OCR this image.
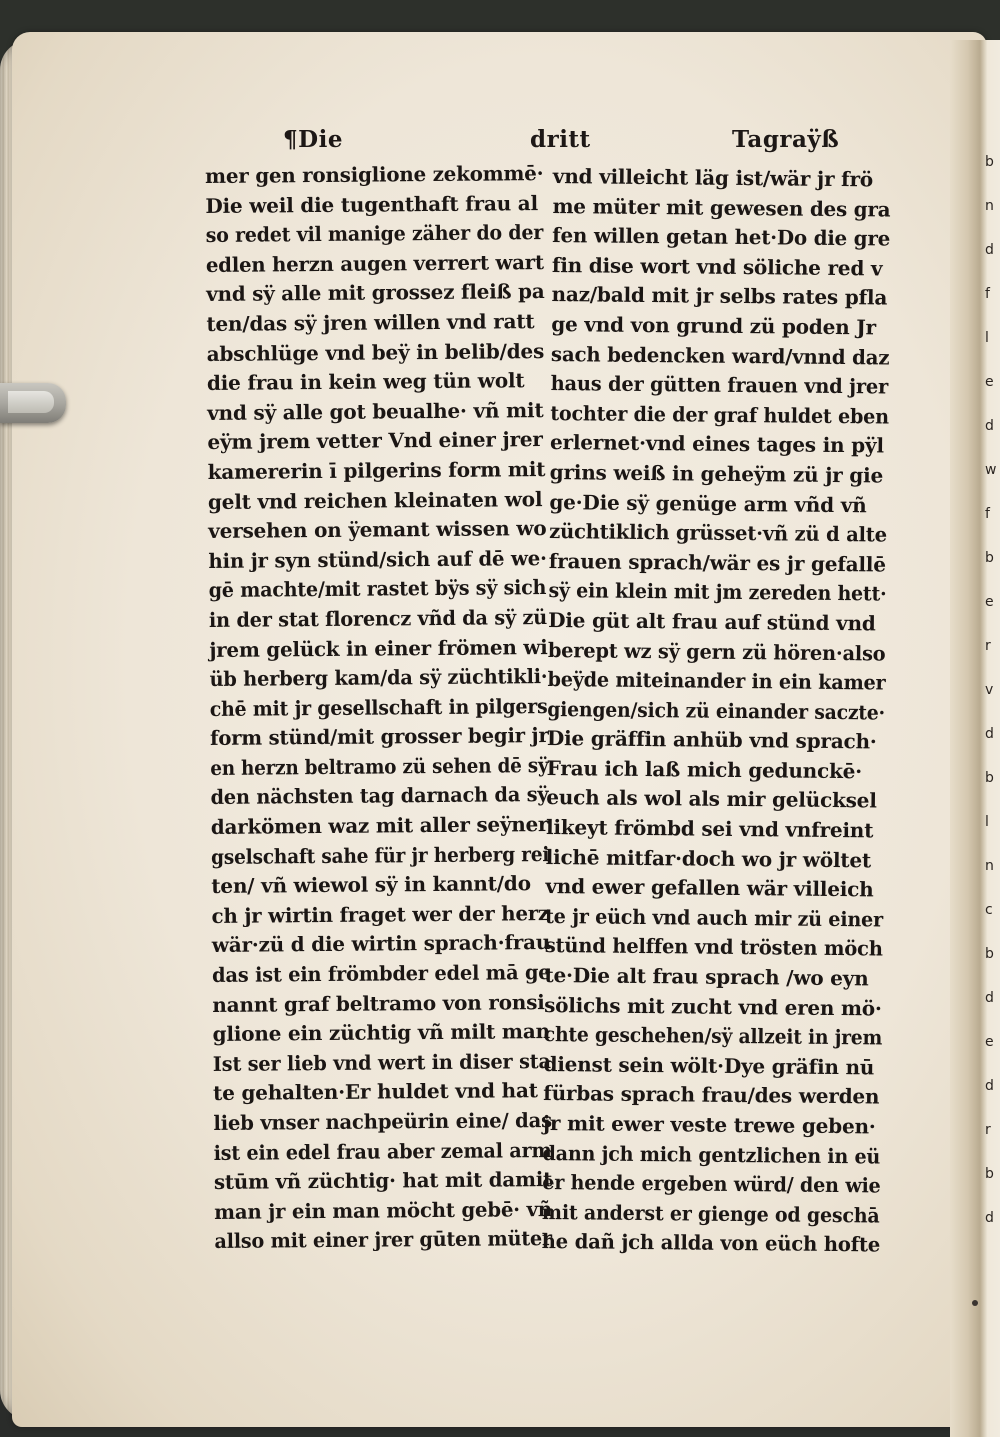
b
n
d
f
l
e
d
w
f
b
e
r
v
d
b
l
n
c
b
d
e
d
r
b
d
¶Die	dritt	Tagraÿß
mer gen ronsiglione zekommē·
Die weil die tugenthaft frau al
so redet vil manige zäher do der
edlen herzn augen verrert wart
vnd sÿ alle mit grossez fleiß pa
ten/das sÿ jren willen vnd ratt
abschlüge vnd beÿ in belib/des
die frau in kein weg tün wolt
vnd sÿ alle got beualhe· vñ mit
eÿm jrem vetter Vnd einer jrer
kamererin ī pilgerins form mit
gelt vnd reichen kleinaten wol
versehen on ÿemant wissen wo
hin jr syn stünd/sich auf dē we·
gē machte/mit rastet bÿs sÿ sich
in der stat florencz vñd da sÿ zü
jrem gelück in einer frömen wi
üb herberg kam/da sÿ züchtikli·
chē mit jr gesellschaft in pilgers
form stünd/mit grosser begir jr
en herzn beltramo zü sehen dē sÿ
den nächsten tag darnach da sÿ
darkömen waz mit aller seÿner
gselschaft sahe für jr herberg rei
ten/ vñ wiewol sÿ in kannt/do
ch jr wirtin fraget wer der herz
wär·zü d die wirtin sprach·frau
das ist ein frömbder edel mā ge
nannt graf beltramo von ronsi
glione ein züchtig vñ milt man
Ist ser lieb vnd wert in diser sta
te gehalten·Er huldet vnd hat
lieb vnser nachpeürin eine/ das
ist ein edel frau aber zemal arm
stūm vñ züchtig· hat mit damit
man jr ein man möcht gebē· vñ
allso mit einer jrer gūten müter
vnd villeicht läg ist/wär jr frö
me müter mit gewesen des gra
fen willen getan het·Do die gre
fin dise wort vnd söliche red v
naz/bald mit jr selbs rates pfla
ge vnd von grund zü poden Jr
sach bedencken ward/vnnd daz
haus der gütten frauen vnd jrer
tochter die der graf huldet eben
erlernet·vnd eines tages in pÿl
grins weiß in geheÿm zü jr gie
ge·Die sÿ genüge arm vñd vñ
züchtiklich grüsset·vñ zü d alte
frauen sprach/wär es jr gefallē
sÿ ein klein mit jm zereden hett·
Die güt alt frau auf stünd vnd
berept wz sÿ gern zü hören·also
beÿde miteinander in ein kamer
giengen/sich zü einander saczte·
Die gräffin anhüb vnd sprach·
Frau ich laß mich gedunckē·
euch als wol als mir gelücksel
likeyt frömbd sei vnd vnfreint
lichē mitfar·doch wo jr wöltet
vnd ewer gefallen wär villeich
te jr eüch vnd auch mir zü einer
stünd helffen vnd trösten möch
te·Die alt frau sprach /wo eyn
sölichs mit zucht vnd eren mö·
chte geschehen/sÿ allzeit in jrem
dienst sein wölt·Dye gräfin nū
fürbas sprach frau/des werden
jr mit ewer veste trewe geben·
dann jch mich gentzlichen in eü
er hende ergeben würd/ den wie
mit anderst er gienge od geschā
he dañ jch allda von eüch hofte
